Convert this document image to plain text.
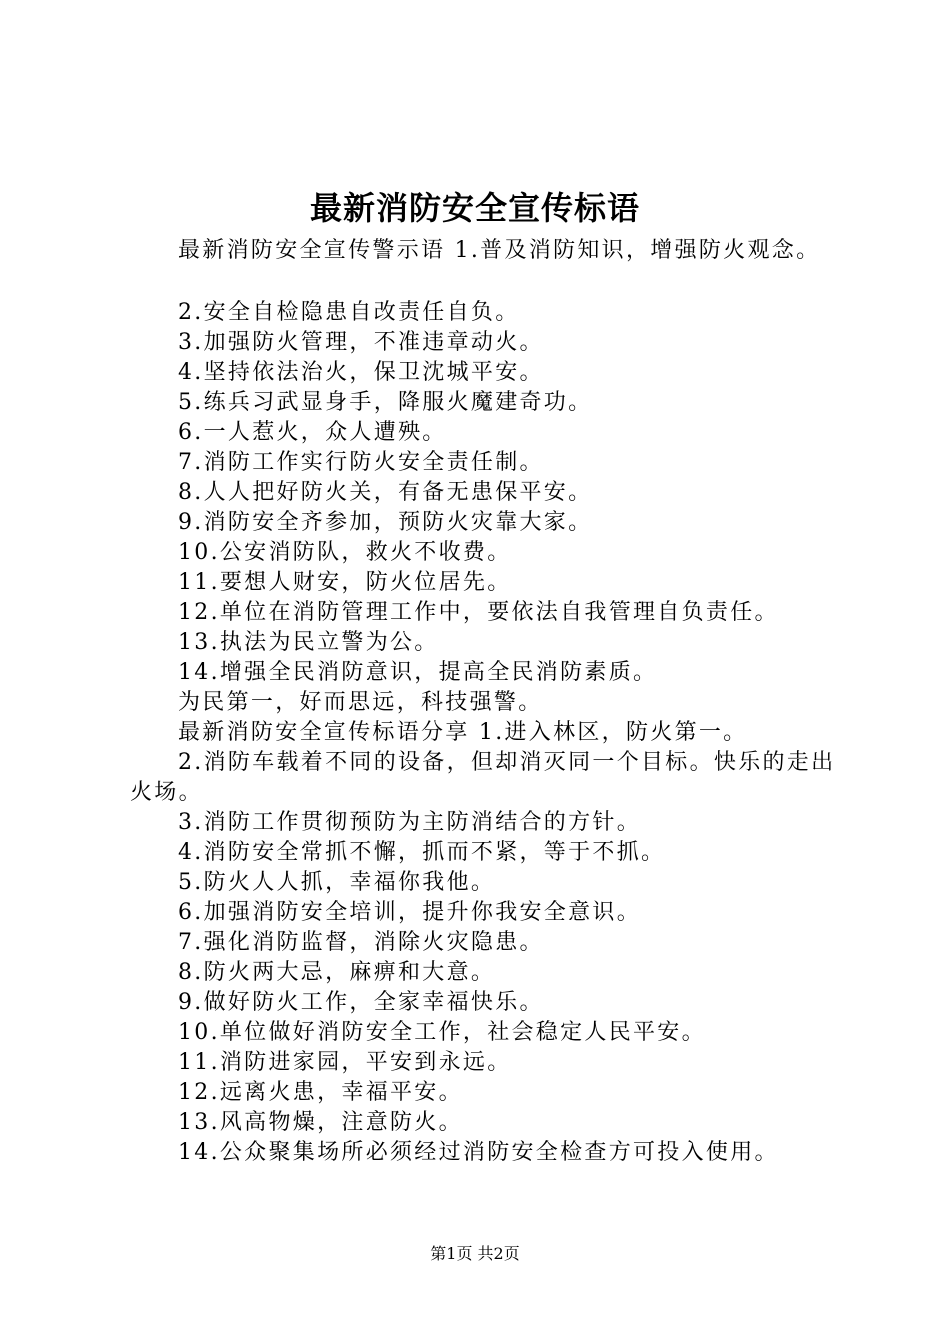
最新消防安全宣传标语
最新消防安全宣传警示语 1.普及消防知识，增强防火观念。
2.安全自检隐患自改责任自负。
3.加强防火管理，不准违章动火。
4.坚持依法治火，保卫沈城平安。
5.练兵习武显身手，降服火魔建奇功。
6.一人惹火，众人遭殃。
7.消防工作实行防火安全责任制。
8.人人把好防火关，有备无患保平安。
9.消防安全齐参加，预防火灾靠大家。
10.公安消防队，救火不收费。
11.要想人财安，防火位居先。
12.单位在消防管理工作中，要依法自我管理自负责任。
13.执法为民立警为公。
14.增强全民消防意识，提高全民消防素质。
为民第一，好而思远，科技强警。
最新消防安全宣传标语分享 1.进入林区，防火第一。
2.消防车载着不同的设备，但却消灭同一个目标。快乐的走出火场。
3.消防工作贯彻预防为主防消结合的方针。
4.消防安全常抓不懈，抓而不紧，等于不抓。
5.防火人人抓，幸福你我他。
6.加强消防安全培训，提升你我安全意识。
7.强化消防监督，消除火灾隐患。
8.防火两大忌，麻痹和大意。
9.做好防火工作，全家幸福快乐。
10.单位做好消防安全工作，社会稳定人民平安。
11.消防进家园，平安到永远。
12.远离火患，幸福平安。
13.风高物燥，注意防火。
14.公众聚集场所必须经过消防安全检查方可投入使用。
第1页 共2页
